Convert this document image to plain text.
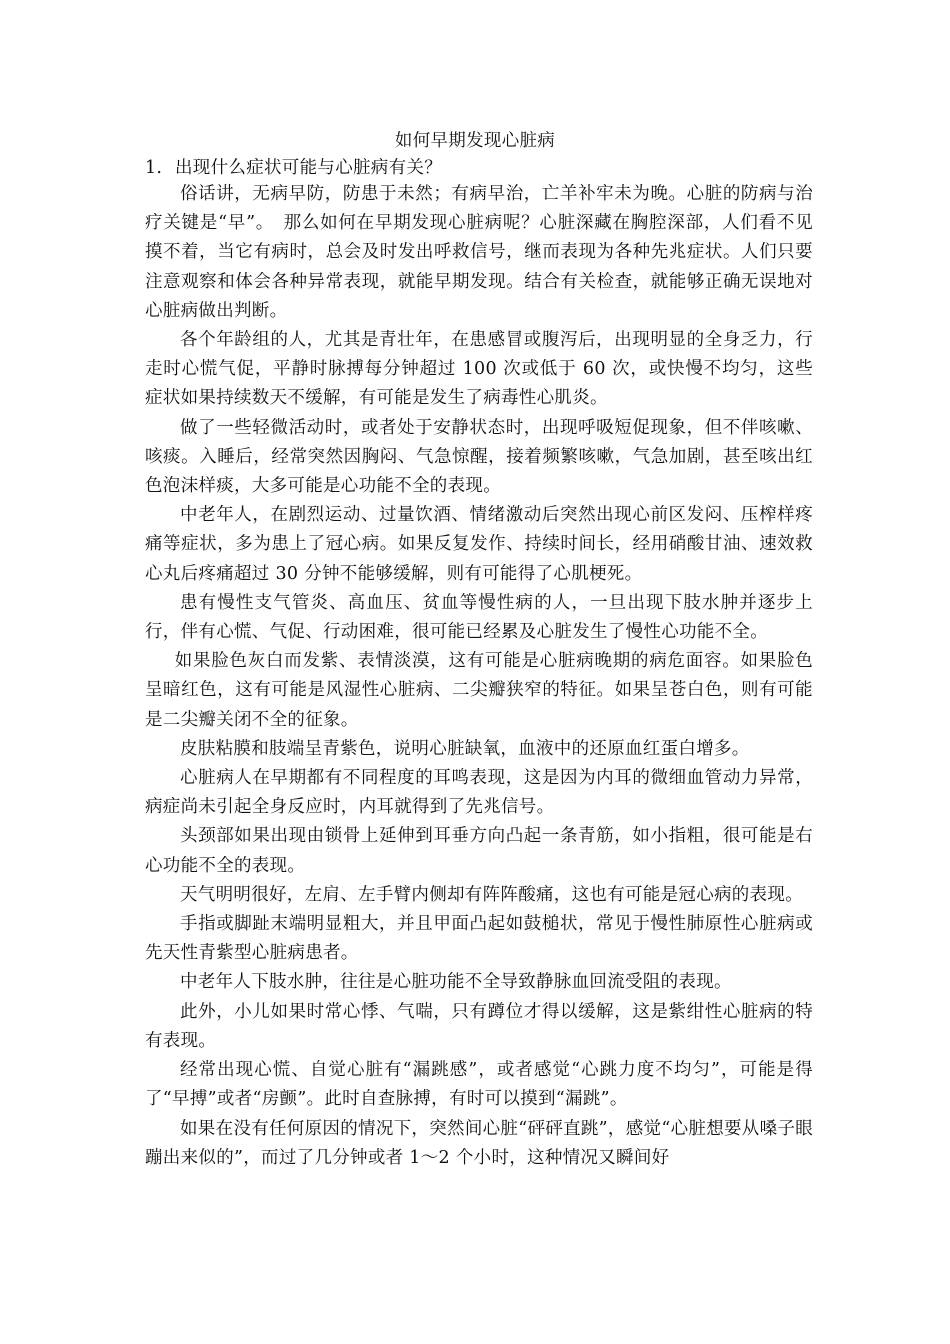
如何早期发现心脏病

1. 出现什么症状可能与心脏病有关？

俗话讲，无病早防，防患于未然；有病早治，亡羊补牢未为晚。心脏的防病与治疗关键是“早”。　那么如何在早期发现心脏病呢？心脏深藏在胸腔深部，人们看不见摸不着，当它有病时，总会及时发出呼救信号，继而表现为各种先兆症状。人们只要注意观察和体会各种异常表现，就能早期发现。结合有关检查，就能够正确无误地对心脏病做出判断。

各个年龄组的人，尤其是青壮年，在患感冒或腹泻后，出现明显的全身乏力，行走时心慌气促，平静时脉搏每分钟超过 100 次或低于 60 次，或快慢不均匀，这些症状如果持续数天不缓解，有可能是发生了病毒性心肌炎。

做了一些轻微活动时，或者处于安静状态时，出现呼吸短促现象，但不伴咳嗽、咳痰。入睡后，经常突然因胸闷、气急惊醒，接着频繁咳嗽，气急加剧，甚至咳出红色泡沫样痰，大多可能是心功能不全的表现。

中老年人，在剧烈运动、过量饮酒、情绪激动后突然出现心前区发闷、压榨样疼痛等症状，多为患上了冠心病。如果反复发作、持续时间长，经用硝酸甘油、速效救心丸后疼痛超过 30 分钟不能够缓解，则有可能得了心肌梗死。

患有慢性支气管炎、高血压、贫血等慢性病的人，一旦出现下肢水肿并逐步上行，伴有心慌、气促、行动困难，很可能已经累及心脏发生了慢性心功能不全。

如果脸色灰白而发紫、表情淡漠，这有可能是心脏病晚期的病危面容。如果脸色呈暗红色，这有可能是风湿性心脏病、二尖瓣狭窄的特征。如果呈苍白色，则有可能是二尖瓣关闭不全的征象。

皮肤粘膜和肢端呈青紫色，说明心脏缺氧，血液中的还原血红蛋白增多。

心脏病人在早期都有不同程度的耳鸣表现，这是因为内耳的微细血管动力异常，病症尚未引起全身反应时，内耳就得到了先兆信号。

头颈部如果出现由锁骨上延伸到耳垂方向凸起一条青筋，如小指粗，很可能是右心功能不全的表现。

天气明明很好，左肩、左手臂内侧却有阵阵酸痛，这也有可能是冠心病的表现。

手指或脚趾末端明显粗大，并且甲面凸起如鼓槌状，常见于慢性肺原性心脏病或先天性青紫型心脏病患者。

中老年人下肢水肿，往往是心脏功能不全导致静脉血回流受阻的表现。

此外，小儿如果时常心悸、气喘，只有蹲位才得以缓解，这是紫绀性心脏病的特有表现。

经常出现心慌、自觉心脏有“漏跳感”，或者感觉“心跳力度不均匀”，可能是得了“早搏”或者“房颤”。此时自查脉搏，有时可以摸到“漏跳”。

如果在没有任何原因的情况下，突然间心脏“砰砰直跳”，感觉“心脏想要从嗓子眼蹦出来似的”，而过了几分钟或者 1～2 个小时，这种情况又瞬间好
